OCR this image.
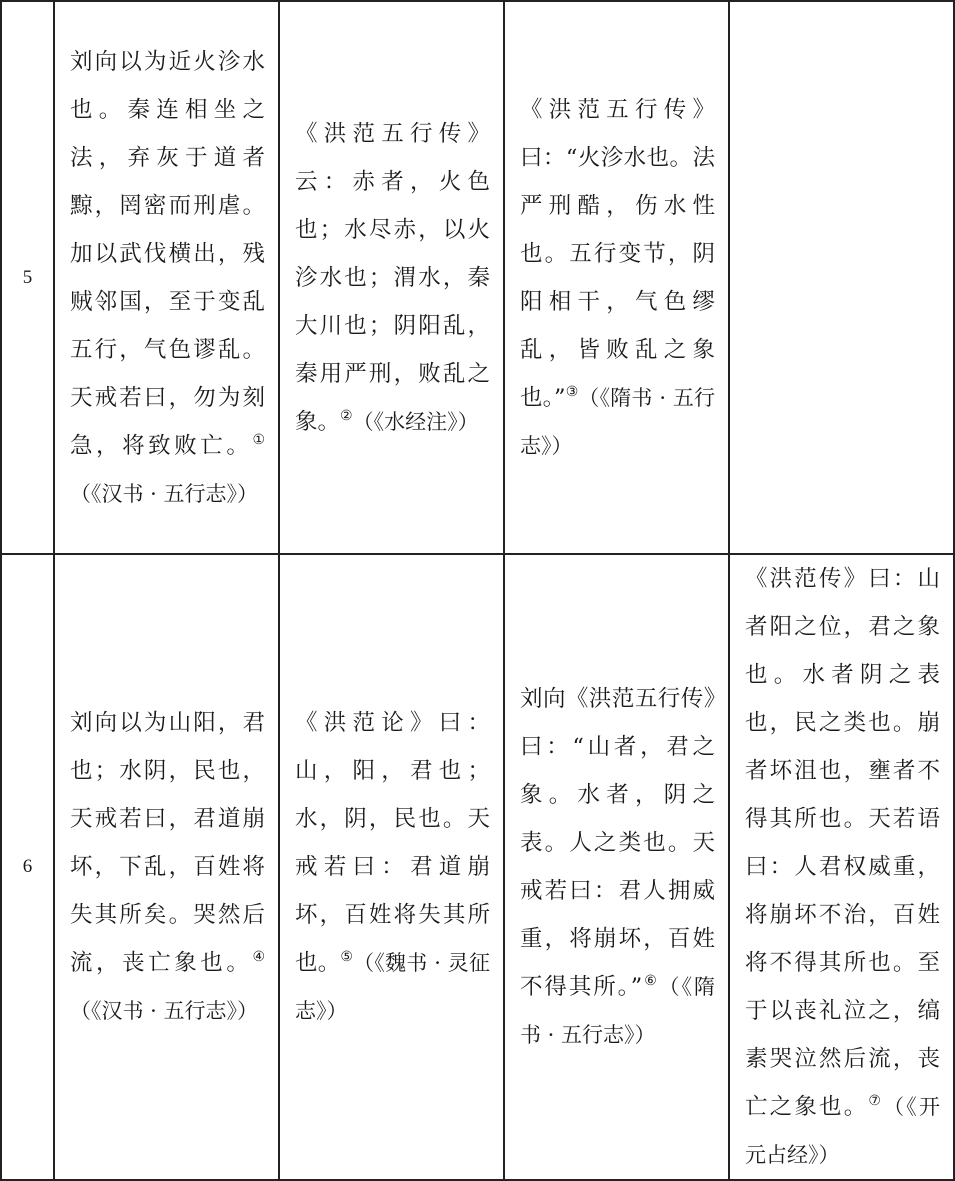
5	刘向以为近火沴水也。秦连相坐之法，弃灰于道者黥，罔密而刑虐。加以武伐横出，残贼邻国，至于变乱五行，气色谬乱。天戒若曰，勿为刻急，将致败亡。①（《汉书 · 五行志》）	《洪范五行传》云：赤者，火色也；水尽赤，以火沴水也；渭水，秦大川也；阴阳乱，秦用严刑，败乱之象。②（《水经注》）	《洪范五行传》曰：“火沴水也。法严刑酷，伤水性也。五行变节，阴阳相干，气色缪乱，皆败乱之象也。”③（《隋书 · 五行志》）	

6	刘向以为山阳，君也；水阴，民也，天戒若曰，君道崩坏，下乱，百姓将失其所矣。哭然后流，丧亡象也。④（《汉书 · 五行志》）	《洪范论》曰：山，阳，君也；水，阴，民也。天戒若曰：君道崩坏，百姓将失其所也。⑤（《魏书 · 灵征志》）	刘向《洪范五行传》曰：“山者，君之象。水者，阴之表。人之类也。天戒若曰：君人拥威重，将崩坏，百姓不得其所。”⑥（《隋书 · 五行志》）	《洪范传》曰：山者阳之位，君之象也。水者阴之表也，民之类也。崩者坏沮也，壅者不得其所也。天若语曰：人君权威重，将崩坏不治，百姓将不得其所也。至于以丧礼泣之，缟素哭泣然后流，丧亡之象也。⑦（《开元占经》）
